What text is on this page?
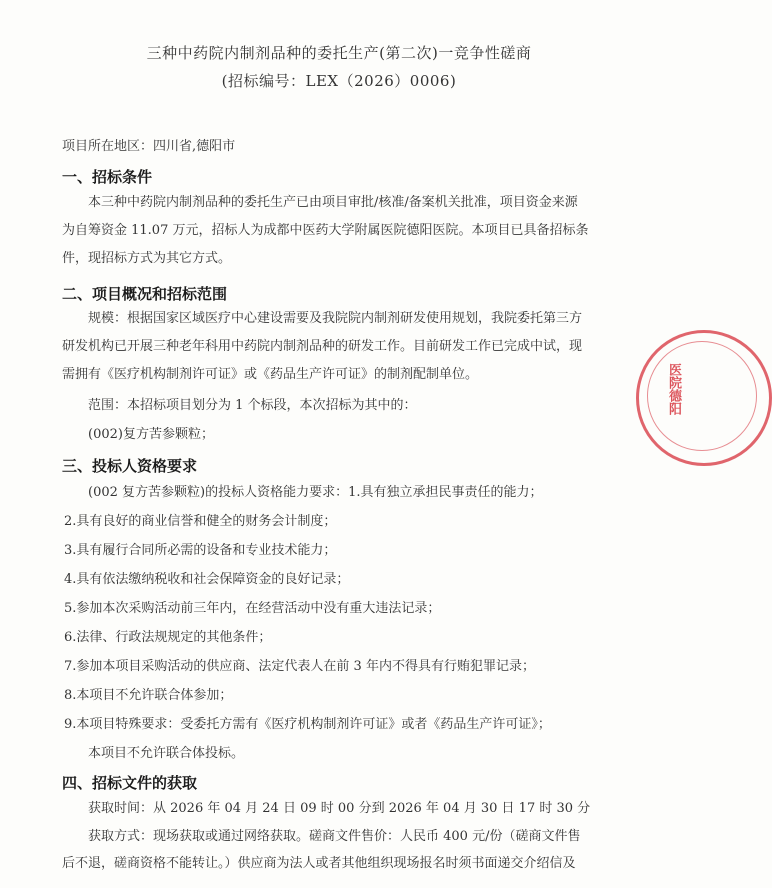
三种中药院内制剂品种的委托生产(第二次)一竞争性磋商
(招标编号：LEX（2026）0006)
项目所在地区：四川省,德阳市
一、招标条件
本三种中药院内制剂品种的委托生产已由项目审批/核准/备案机关批准，项目资金来源
为自筹资金 11.07 万元，招标人为成都中医药大学附属医院德阳医院。本项目已具备招标条
件，现招标方式为其它方式。
二、项目概况和招标范围
规模：根据国家区域医疗中心建设需要及我院院内制剂研发使用规划，我院委托第三方
研发机构已开展三种老年科用中药院内制剂品种的研发工作。目前研发工作已完成中试，现
需拥有《医疗机构制剂许可证》或《药品生产许可证》的制剂配制单位。
范围：本招标项目划分为 1 个标段，本次招标为其中的：
(002)复方苦参颗粒；
三、投标人资格要求
(002 复方苦参颗粒)的投标人资格能力要求：1.具有独立承担民事责任的能力；
2.具有良好的商业信誉和健全的财务会计制度；
3.具有履行合同所必需的设备和专业技术能力；
4.具有依法缴纳税收和社会保障资金的良好记录；
5.参加本次采购活动前三年内，在经营活动中没有重大违法记录；
6.法律、行政法规规定的其他条件；
7.参加本项目采购活动的供应商、法定代表人在前 3 年内不得具有行贿犯罪记录；
8.本项目不允许联合体参加；
9.本项目特殊要求：受委托方需有《医疗机构制剂许可证》或者《药品生产许可证》；
本项目不允许联合体投标。
四、招标文件的获取
获取时间：从 2026 年 04 月 24 日 09 时 00 分到 2026 年 04 月 30 日 17 时 30 分
获取方式：现场获取或通过网络获取。磋商文件售价：人民币 400 元/份（磋商文件售
后不退，磋商资格不能转让。）供应商为法人或者其他组织现场报名时须书面递交介绍信及
医院德阳
